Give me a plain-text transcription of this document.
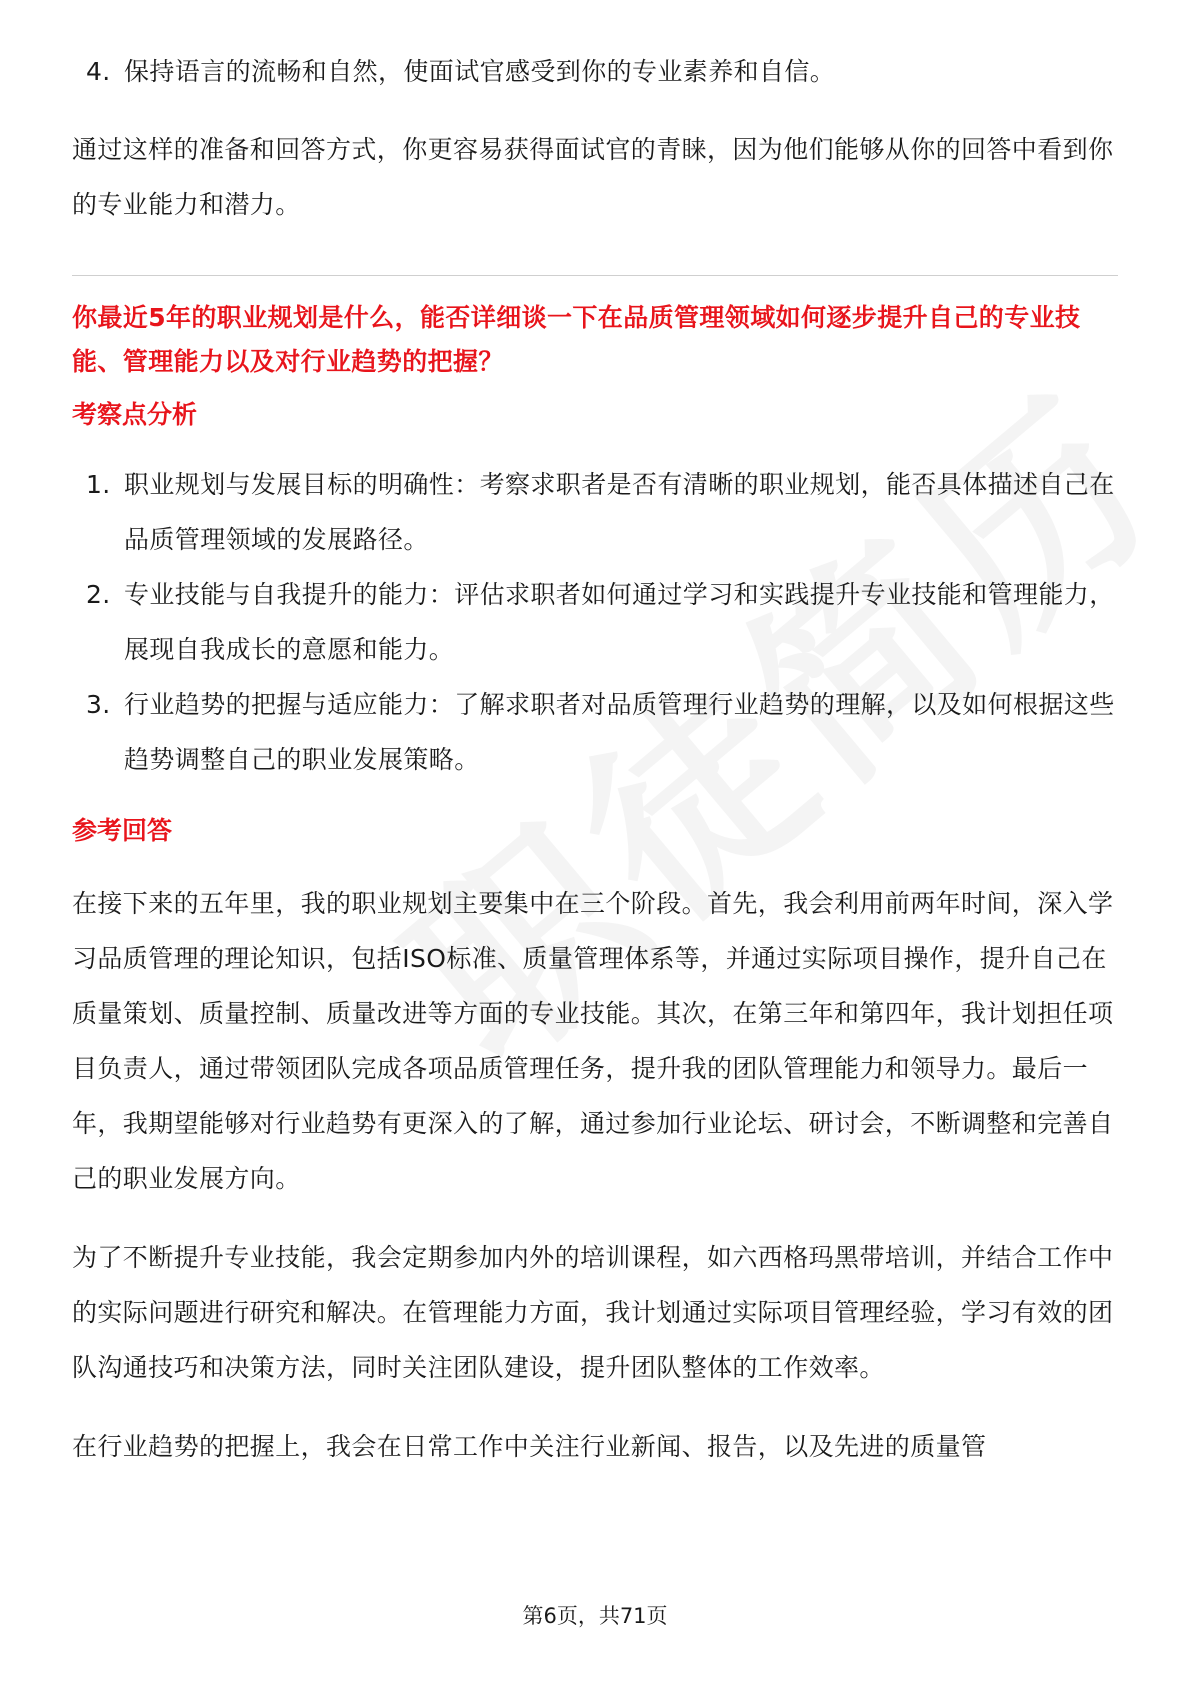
4. 保持语言的流畅和自然，使面试官感受到你的专业素养和自信。

通过这样的准备和回答方式，你更容易获得面试官的青睐，因为他们能够从你的回答中看到你的专业能力和潜力。

你最近5年的职业规划是什么，能否详细谈一下在品质管理领域如何逐步提升自己的专业技能、管理能力以及对行业趋势的把握？

考察点分析

1. 职业规划与发展目标的明确性：考察求职者是否有清晰的职业规划，能否具体描述自己在品质管理领域的发展路径。
2. 专业技能与自我提升的能力：评估求职者如何通过学习和实践提升专业技能和管理能力，展现自我成长的意愿和能力。
3. 行业趋势的把握与适应能力：了解求职者对品质管理行业趋势的理解，以及如何根据这些趋势调整自己的职业发展策略。

参考回答

在接下来的五年里，我的职业规划主要集中在三个阶段。首先，我会利用前两年时间，深入学习品质管理的理论知识，包括ISO标准、质量管理体系等，并通过实际项目操作，提升自己在质量策划、质量控制、质量改进等方面的专业技能。其次，在第三年和第四年，我计划担任项目负责人，通过带领团队完成各项品质管理任务，提升我的团队管理能力和领导力。最后一年，我期望能够对行业趋势有更深入的了解，通过参加行业论坛、研讨会，不断调整和完善自己的职业发展方向。

为了不断提升专业技能，我会定期参加内外的培训课程，如六西格玛黑带培训，并结合工作中的实际问题进行研究和解决。在管理能力方面，我计划通过实际项目管理经验，学习有效的团队沟通技巧和决策方法，同时关注团队建设，提升团队整体的工作效率。

在行业趋势的把握上，我会在日常工作中关注行业新闻、报告，以及先进的质量管

第6页，共71页
